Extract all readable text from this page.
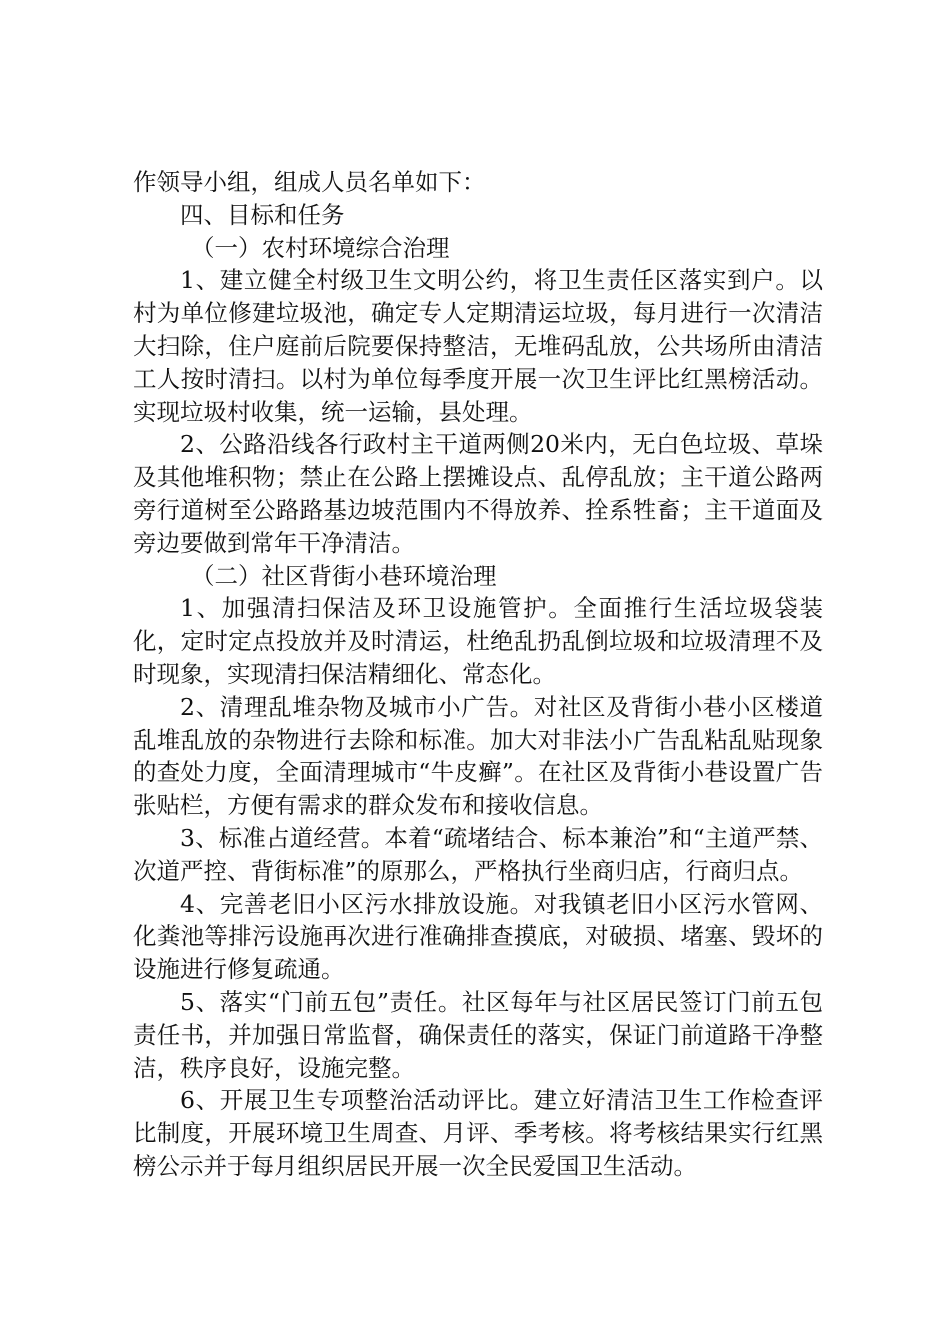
作领导小组，组成人员名单如下：

四、目标和任务

（一）农村环境综合治理

1、建立健全村级卫生文明公约，将卫生责任区落实到户。以村为单位修建垃圾池，确定专人定期清运垃圾，每月进行一次清洁大扫除，住户庭前后院要保持整洁，无堆码乱放，公共场所由清洁工人按时清扫。以村为单位每季度开展一次卫生评比红黑榜活动。实现垃圾村收集，统一运输，县处理。

2、公路沿线各行政村主干道两侧20米内，无白色垃圾、草垛及其他堆积物；禁止在公路上摆摊设点、乱停乱放；主干道公路两旁行道树至公路路基边坡范围内不得放养、拴系牲畜；主干道面及旁边要做到常年干净清洁。

（二）社区背街小巷环境治理

1、加强清扫保洁及环卫设施管护。全面推行生活垃圾袋装化，定时定点投放并及时清运，杜绝乱扔乱倒垃圾和垃圾清理不及时现象，实现清扫保洁精细化、常态化。

2、清理乱堆杂物及城市小广告。对社区及背街小巷小区楼道乱堆乱放的杂物进行去除和标准。加大对非法小广告乱粘乱贴现象的查处力度，全面清理城市“牛皮癣”。在社区及背街小巷设置广告张贴栏，方便有需求的群众发布和接收信息。

3、标准占道经营。本着“疏堵结合、标本兼治”和“主道严禁、次道严控、背街标准”的原那么，严格执行坐商归店，行商归点。

4、完善老旧小区污水排放设施。对我镇老旧小区污水管网、化粪池等排污设施再次进行准确排查摸底，对破损、堵塞、毁坏的设施进行修复疏通。

5、落实“门前五包”责任。社区每年与社区居民签订门前五包责任书，并加强日常监督，确保责任的落实，保证门前道路干净整洁，秩序良好，设施完整。

6、开展卫生专项整治活动评比。建立好清洁卫生工作检查评比制度，开展环境卫生周查、月评、季考核。将考核结果实行红黑榜公示并于每月组织居民开展一次全民爱国卫生活动。
